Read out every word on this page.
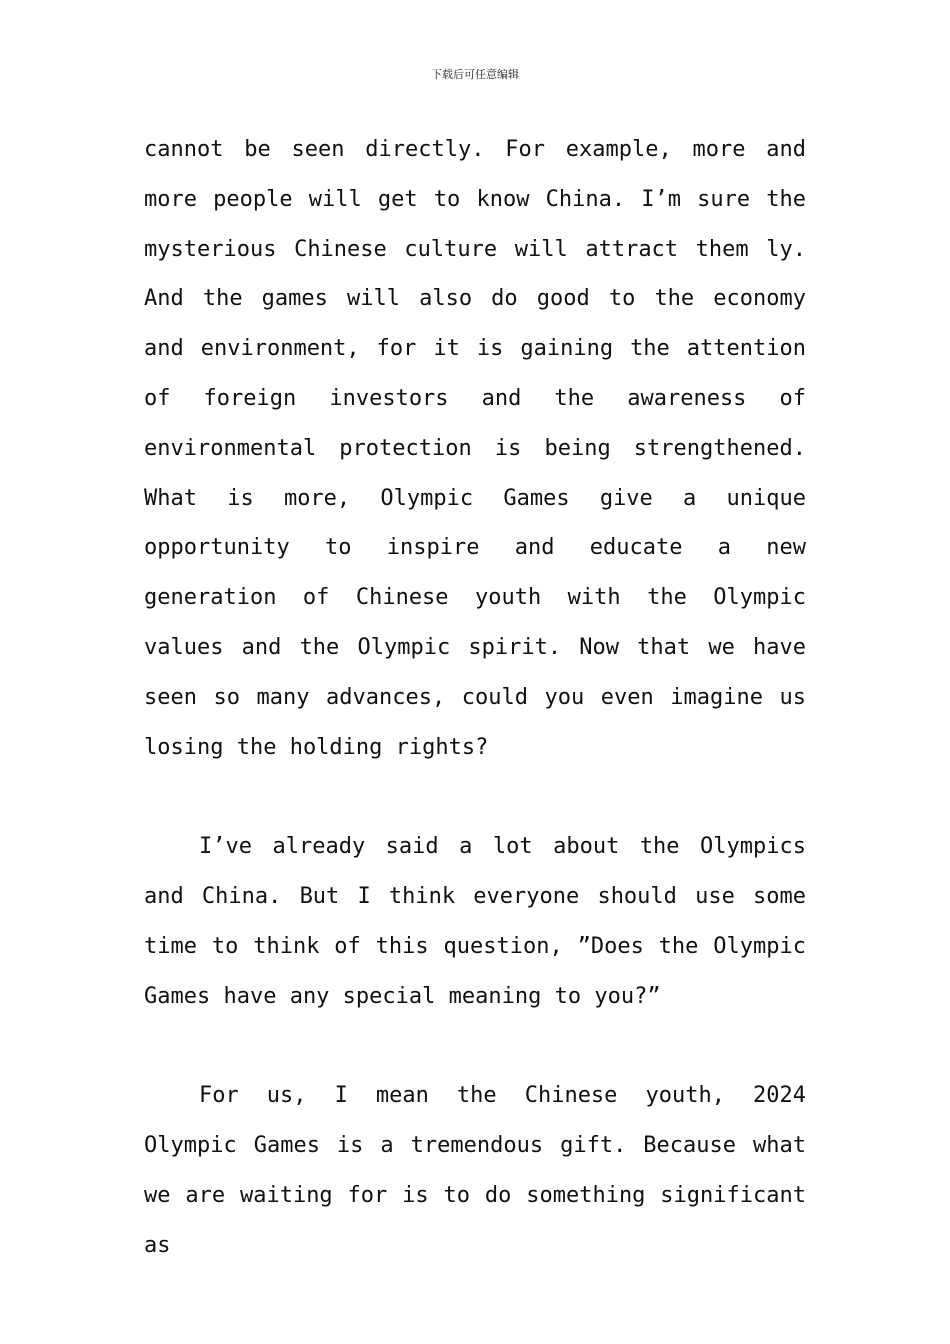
下载后可任意编辑

cannot be seen directly. For example, more and more people will get to know China. I’m sure the mysterious Chinese culture will attract them ly. And the games will also do good to the economy and environment, for it is gaining the attention of foreign investors and the awareness of environmental protection is being strengthened. What is more, Olympic Games give a unique opportunity to inspire and educate a new generation of Chinese youth with the Olympic values and the Olympic spirit. Now that we have seen so many advances, could you even imagine us losing the holding rights?

I’ve already said a lot about the Olympics and China. But I think everyone should use some time to think of this question, ”Does the Olympic Games have any special meaning to you?”

For us, I mean the Chinese youth, 2024 Olympic Games is a tremendous gift. Because what we are waiting for is to do something significant as
